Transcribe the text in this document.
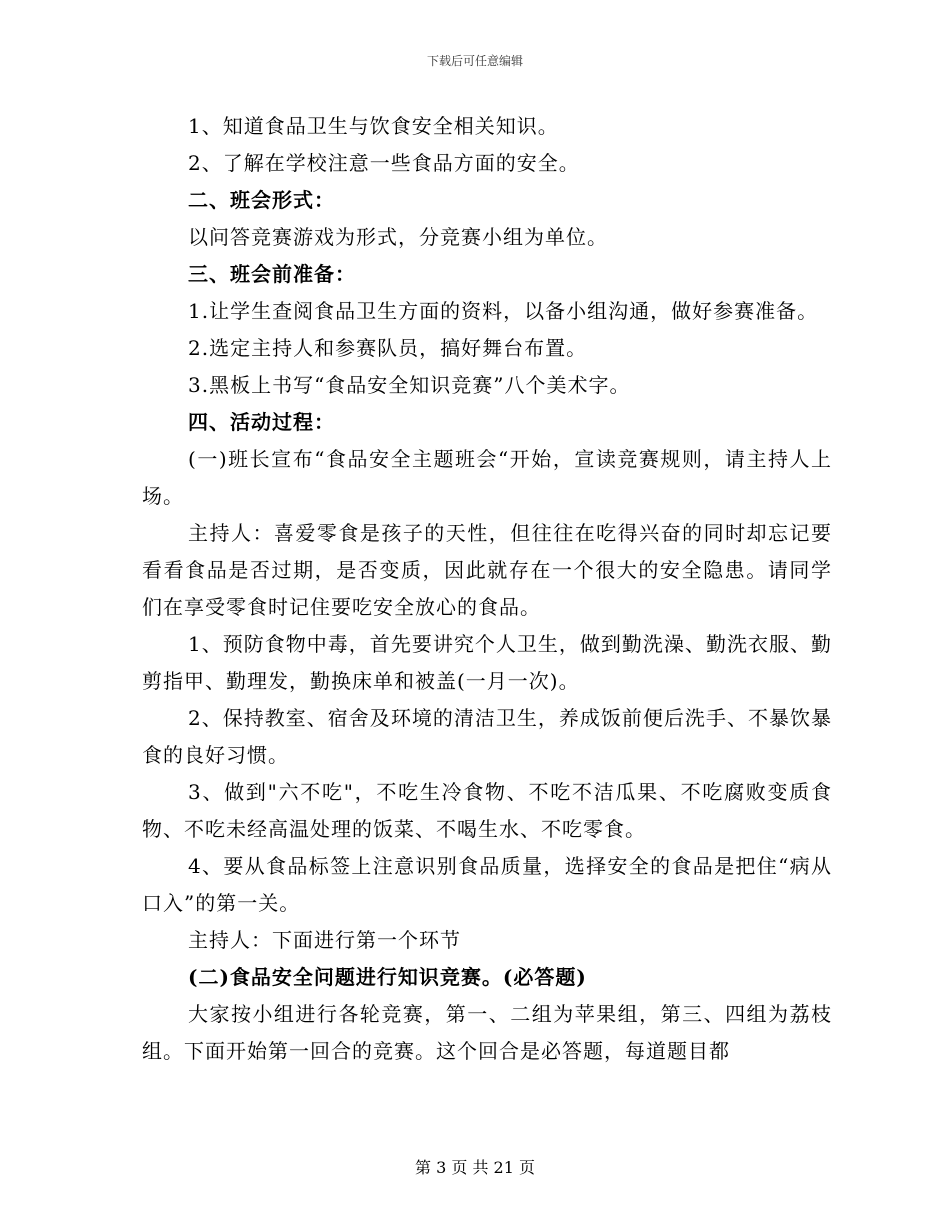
下载后可任意编辑

1、知道食品卫生与饮食安全相关知识。

2、了解在学校注意一些食品方面的安全。

二、班会形式：

以问答竞赛游戏为形式，分竞赛小组为单位。

三、班会前准备：

1.让学生查阅食品卫生方面的资料，以备小组沟通，做好参赛准备。

2.选定主持人和参赛队员，搞好舞台布置。

3.黑板上书写“食品安全知识竞赛”八个美术字。

四、活动过程：

(一)班长宣布“食品安全主题班会“开始，宣读竞赛规则，请主持人上场。

主持人：喜爱零食是孩子的天性，但往往在吃得兴奋的同时却忘记要看看食品是否过期，是否变质，因此就存在一个很大的安全隐患。请同学们在享受零食时记住要吃安全放心的食品。

1、预防食物中毒，首先要讲究个人卫生，做到勤洗澡、勤洗衣服、勤剪指甲、勤理发，勤换床单和被盖(一月一次)。

2、保持教室、宿舍及环境的清洁卫生，养成饭前便后洗手、不暴饮暴食的良好习惯。

3、做到"六不吃"，不吃生冷食物、不吃不洁瓜果、不吃腐败变质食物、不吃未经高温处理的饭菜、不喝生水、不吃零食。

4、要从食品标签上注意识别食品质量，选择安全的食品是把住“病从口入”的第一关。

主持人：下面进行第一个环节

(二)食品安全问题进行知识竞赛。(必答题)

大家按小组进行各轮竞赛，第一、二组为苹果组，第三、四组为荔枝组。下面开始第一回合的竞赛。这个回合是必答题，每道题目都

第 3 页 共 21 页
